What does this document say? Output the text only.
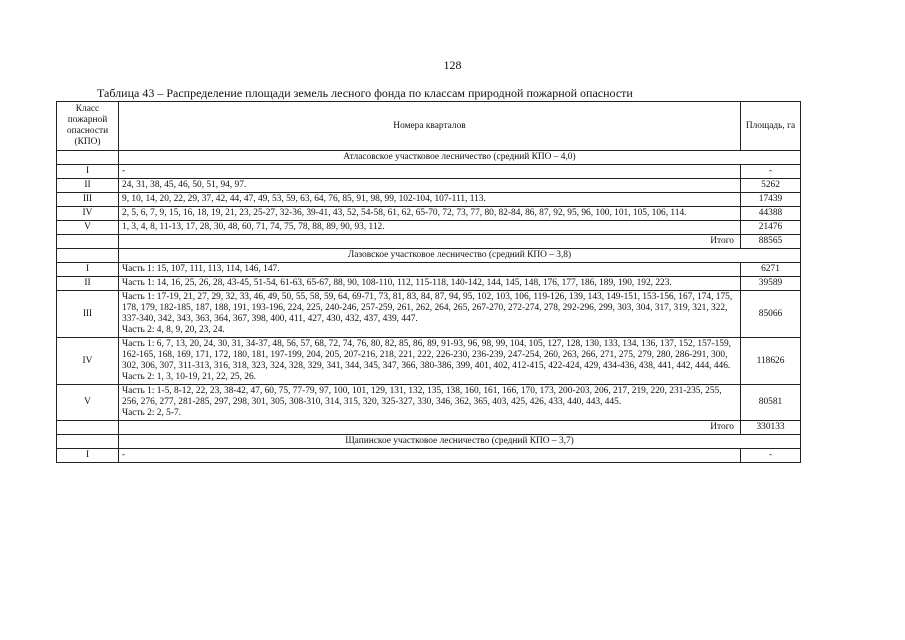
128
Таблица 43 – Распределение площади земель лесного фонда по классам природной пожарной опасности
Класс пожарной опасности (КПО)	Номера кварталов	Площадь, га
	Атласовское участковое лесничество (средний КПО – 4,0)	
I	-	-
II	24, 31, 38, 45, 46, 50, 51, 94, 97.	5262
III	9, 10, 14, 20, 22, 29, 37, 42, 44, 47, 49, 53, 59, 63, 64, 76, 85, 91, 98, 99, 102-104, 107-111, 113.	17439
IV	2, 5, 6, 7, 9, 15, 16, 18, 19, 21, 23, 25-27, 32-36, 39-41, 43, 52, 54-58, 61, 62, 65-70, 72, 73, 77, 80, 82-84, 86, 87, 92, 95, 96, 100, 101, 105, 106, 114.	44388
V	1, 3, 4, 8, 11-13, 17, 28, 30, 48, 60, 71, 74, 75, 78, 88, 89, 90, 93, 112.	21476
	Итого	88565
	Лазовское участковое лесничество (средний КПО – 3,8)	
I	Часть 1: 15, 107, 111, 113, 114, 146, 147.	6271
II	Часть 1: 14, 16, 25, 26, 28, 43-45, 51-54, 61-63, 65-67, 88, 90, 108-110, 112, 115-118, 140-142, 144, 145, 148, 176, 177, 186, 189, 190, 192, 223.	39589
III	Часть 1: 17-19, 21, 27, 29, 32, 33, 46, 49, 50, 55, 58, 59, 64, 69-71, 73, 81, 83, 84, 87, 94, 95, 102, 103, 106, 119-126, 139, 143, 149-151, 153-156, 167, 174, 175, 178, 179, 182-185, 187, 188, 191, 193-196, 224, 225, 240-246, 257-259, 261, 262, 264, 265, 267-270, 272-274, 278, 292-296, 299, 303, 304, 317, 319, 321, 322, 337-340, 342, 343, 363, 364, 367, 398, 400, 411, 427, 430, 432, 437, 439, 447.
Часть 2: 4, 8, 9, 20, 23, 24.	85066
IV	Часть 1: 6, 7, 13, 20, 24, 30, 31, 34-37, 48, 56, 57, 68, 72, 74, 76, 80, 82, 85, 86, 89, 91-93, 96, 98, 99, 104, 105, 127, 128, 130, 133, 134, 136, 137, 152, 157-159, 162-165, 168, 169, 171, 172, 180, 181, 197-199, 204, 205, 207-216, 218, 221, 222, 226-230, 236-239, 247-254, 260, 263, 266, 271, 275, 279, 280, 286-291, 300, 302, 306, 307, 311-313, 316, 318, 323, 324, 328, 329, 341, 344, 345, 347, 366, 380-386, 399, 401, 402, 412-415, 422-424, 429, 434-436, 438, 441, 442, 444, 446.
Часть 2: 1, 3, 10-19, 21, 22, 25, 26.	118626
V	Часть 1: 1-5, 8-12, 22, 23, 38-42, 47, 60, 75, 77-79, 97, 100, 101, 129, 131, 132, 135, 138, 160, 161, 166, 170, 173, 200-203, 206, 217, 219, 220, 231-235, 255, 256, 276, 277, 281-285, 297, 298, 301, 305, 308-310, 314, 315, 320, 325-327, 330, 346, 362, 365, 403, 425, 426, 433, 440, 443, 445.
Часть 2: 2, 5-7.	80581
	Итого	330133
	Щапинское участковое лесничество (средний КПО – 3,7)	
I	-	-
